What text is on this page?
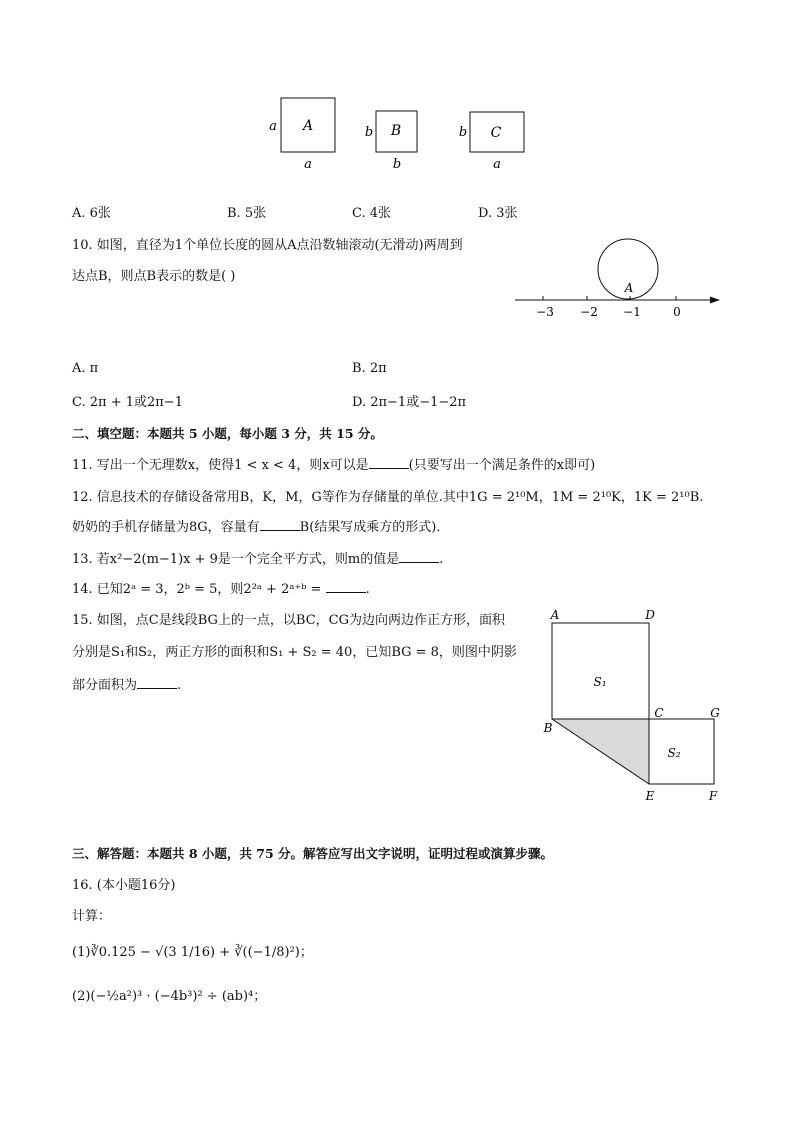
A
a
a
B
b
b
C
b
a
A. 6张	B. 5张	C. 4张	D. 3张
10. 如图，直径为1个单位长度的圆从A点沿数轴滚动(无滑动)两周到
达点B，则点B表示的数是( )
A
−3 −2 −1	0
A. π	B. 2π
C. 2π + 1或2π−1	D. 2π−1或−1−2π
二、填空题：本题共 5 小题，每小题 3 分，共 15 分。
11. 写出一个无理数x，使得1 < x < 4，则x可以是	(只要写出一个满足条件的x即可)
12. 信息技术的存储设备常用B，K，M，G等作为存储量的单位.其中1G = 2¹⁰M，1M = 2¹⁰K，1K = 2¹⁰B.
奶奶的手机存储量为8G，容量有	B(结果写成乘方的形式)．
13. 若x²−2(m−1)x + 9是一个完全平方式，则m的值是	.
14. 已知2ᵃ = 3，2ᵇ = 5，则2²ᵃ + 2ᵃ⁺ᵇ =	.
15. 如图，点C是线段BG上的一点，以BC，CG为边向两边作正方形，面积
分别是S₁和S₂，两正方形的面积和S₁ + S₂ = 40，已知BG = 8，则图中阴影
部分面积为	.
A	D
B
C	G
E	F
S₁
S₂
三、解答题：本题共 8 小题，共 75 分。解答应写出文字说明，证明过程或演算步骤。
16. (本小题16分)
计算：
(1)∛0.125 − √(3 1/16) + ∛((−1/8)²)；
(2)(−½a²)³ · (−4b³)² ÷ (ab)⁴；
